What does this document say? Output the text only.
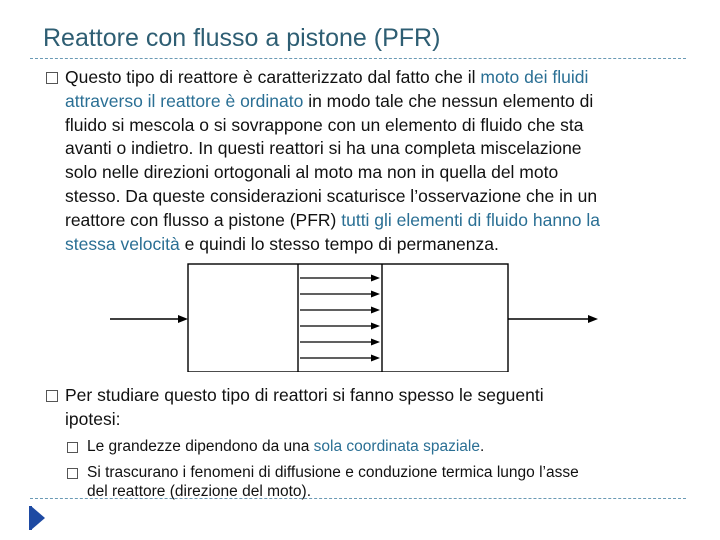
Reattore con flusso a pistone (PFR)
Questo tipo di reattore è caratterizzato dal fatto che il moto dei fluidi
attraverso il reattore è ordinato in modo tale che nessun elemento di
fluido si mescola o si sovrappone con un elemento di fluido che sta
avanti o indietro. In questi reattori si ha una completa miscelazione
solo nelle direzioni ortogonali al moto ma non in quella del moto
stesso. Da queste considerazioni scaturisce l’osservazione che in un
reattore con flusso a pistone (PFR) tutti gli elementi di fluido hanno la
stessa velocità e quindi lo stesso tempo di permanenza.
Per studiare questo tipo di reattori si fanno spesso le seguenti
ipotesi:
Le grandezze dipendono da una sola coordinata spaziale.
Si trascurano i fenomeni di diffusione e conduzione termica lungo l’asse
del reattore (direzione del moto).
